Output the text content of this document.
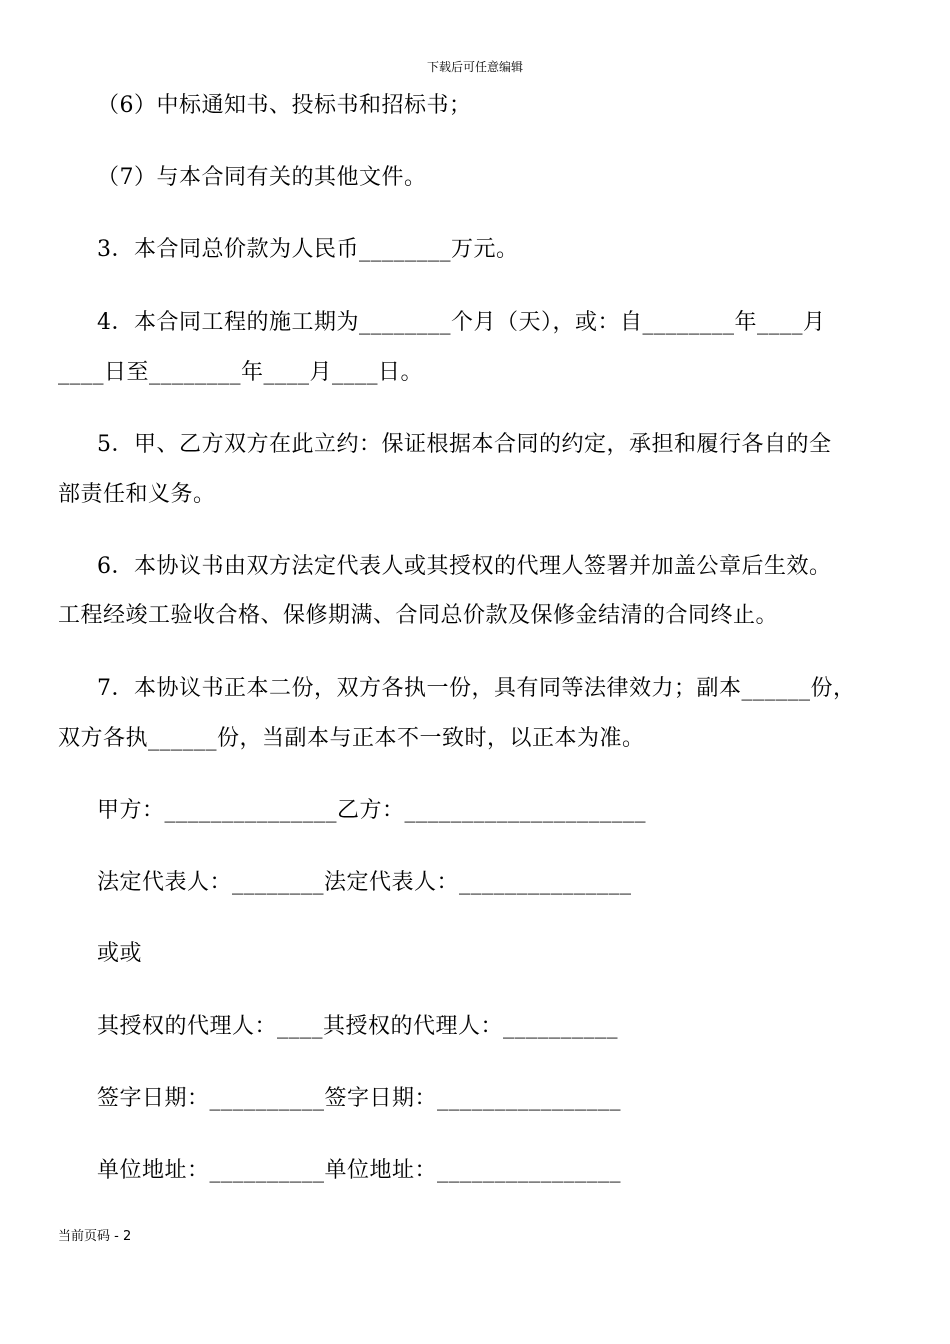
下载后可任意编辑
（6）中标通知书、投标书和招标书；
（7）与本合同有关的其他文件。
3．本合同总价款为人民币________万元。
4．本合同工程的施工期为________个月（天），或：自________年____月
____日至________年____月____日。
5．甲、乙方双方在此立约：保证根据本合同的约定，承担和履行各自的全
部责任和义务。
6．本协议书由双方法定代表人或其授权的代理人签署并加盖公章后生效。
工程经竣工验收合格、保修期满、合同总价款及保修金结清的合同终止。
7．本协议书正本二份，双方各执一份，具有同等法律效力；副本______份，
双方各执______份，当副本与正本不一致时，以正本为准。
甲方：_______________乙方：_____________________
法定代表人：________法定代表人：_______________
或或
其授权的代理人：____其授权的代理人：__________
签字日期：__________签字日期：________________
单位地址：__________单位地址：________________
当前页码 - 2
